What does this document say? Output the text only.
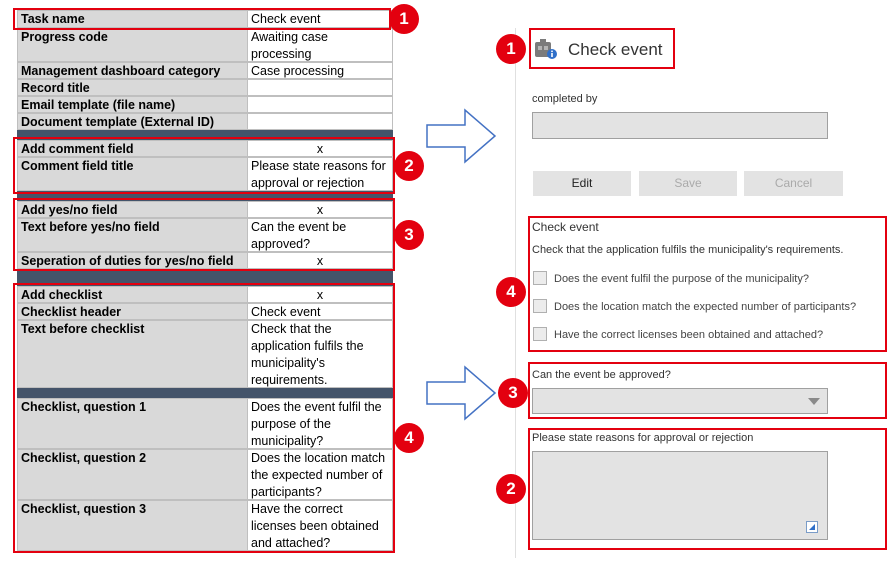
Task name	Check event
Progress code	Awaiting case processing
Management dashboard category	Case processing
Record title
Email template (file name)
Document template (External ID)
Add comment field	x
Comment field title	Please state reasons for approval or rejection
Add yes/no field	x
Text before yes/no field	Can the event be approved?
Seperation of duties for yes/no field	x
Add checklist	x
Checklist header	Check event
Text before checklist	Check that the application fulfils the municipality's requirements.
Checklist, question 1	Does the event fulfil the purpose of the municipality?
Checklist, question 2	Does the location match the expected number of participants?
Checklist, question 3	Have the correct licenses been obtained and attached?
1
2
3
4
1	Check event
completed by
Edit	Save	Cancel
4
Check event
Check that the application fulfils the municipality's requirements.
Does the event fulfil the purpose of the municipality?
Does the location match the expected number of participants?
Have the correct licenses been obtained and attached?
3
Can the event be approved?
2
Please state reasons for approval or rejection
